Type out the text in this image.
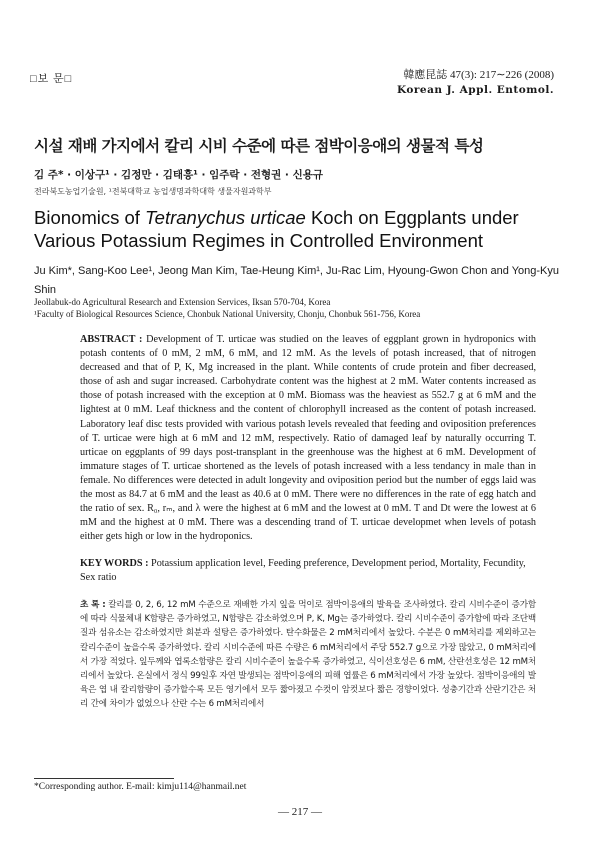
□보 문□	韓應昆誌 47(3): 217∼226 (2008)
Korean J. Appl. Entomol.
시설 재배 가지에서 칼리 시비 수준에 따른 점박이응애의 생물적 특성
김 주* · 이상구¹ · 김정만 · 김태흥¹ · 임주락 · 전형권 · 신용규
전라북도농업기술원, ¹전북대학교 농업생명과학대학 생물자원과학부
Bionomics of Tetranychus urticae Koch on Eggplants under Various Potassium Regimes in Controlled Environment
Ju Kim*, Sang-Koo Lee¹, Jeong Man Kim, Tae-Heung Kim¹, Ju-Rac Lim, Hyoung-Gwon Chon and Yong-Kyu Shin
Jeollabuk-do Agricultural Research and Extension Services, Iksan 570-704, Korea
¹Faculty of Biological Resources Science, Chonbuk National University, Chonju, Chonbuk 561-756, Korea
ABSTRACT : Development of T. urticae was studied on the leaves of eggplant grown in hydroponics with potash contents of 0 mM, 2 mM, 6 mM, and 12 mM. As the levels of potash increased, that of nitrogen decreased and that of P, K, Mg increased in the plant. While contents of crude protein and fiber decreased, those of ash and sugar increased. Carbohydrate content was the highest at 2 mM. Water contents increased as those of potash increased with the exception at 0 mM. Biomass was the heaviest as 552.7 g at 6 mM and the lightest at 0 mM. Leaf thickness and the content of chlorophyll increased as the content of potash increased. Laboratory leaf disc tests provided with various potash levels revealed that feeding and oviposition preferences of T. urticae were high at 6 mM and 12 mM, respectively. Ratio of damaged leaf by naturally occurring T. urticae on eggplants of 99 days post-transplant in the greenhouse was the highest at 6 mM. Development of immature stages of T. urticae shortened as the levels of potash increased with a less tendancy in male than in female. No differences were detected in adult longevity and oviposition period but the number of eggs laid was the most as 84.7 at 6 mM and the least as 40.6 at 0 mM. There were no differences in the rate of egg hatch and the ratio of sex. R₀, rₘ, and λ were the highest at 6 mM and the lowest at 0 mM. T and Dt were the lowest at 6 mM and the highest at 0 mM. There was a descending trand of T. urticae developmet when levels of potash either gets high or low in the hydroponics.
KEY WORDS : Potassium application level, Feeding preference, Development period, Mortality, Fecundity, Sex ratio
초 록 : 칼리를 0, 2, 6, 12 mM 수준으로 재배한 가지 잎을 먹이로 점박이응애의 발육을 조사하였다. 칼리 시비수준이 증가함에 따라 식물체내 K함량은 증가하였고, N함량은 감소하였으며 P, K, Mg는 증가하였다. 칼리 시비수준이 증가함에 따라 조단백질과 섬유소는 감소하였지만 회분과 설탕은 증가하였다. 탄수화물은 2 mM처리에서 높았다. 수분은 0 mM처리를 제외하고는 칼리수준이 높을수록 증가하였다. 칼리 시비수준에 따른 수량은 6 mM처리에서 주당 552.7 g으로 가장 많았고, 0 mM처리에서 가장 적었다. 잎두께와 엽록소함량은 칼리 시비수준이 높을수록 증가하였고, 식이선호성은 6 mM, 산란선호성은 12 mM처리에서 높았다. 온실에서 정식 99일후 자연 발생되는 점박이응애의 피해 엽률은 6 mM처리에서 가장 높았다. 점박이응애의 발육은 엽 내 칼리함량이 증가할수록 모든 영기에서 모두 짧아졌고 수컷이 암컷보다 짧은 경향이었다. 성충기간과 산란기간은 처리 간에 차이가 없었으나 산란 수는 6 mM처리에서
*Corresponding author. E-mail: kimju114@hanmail.net
— 217 —
